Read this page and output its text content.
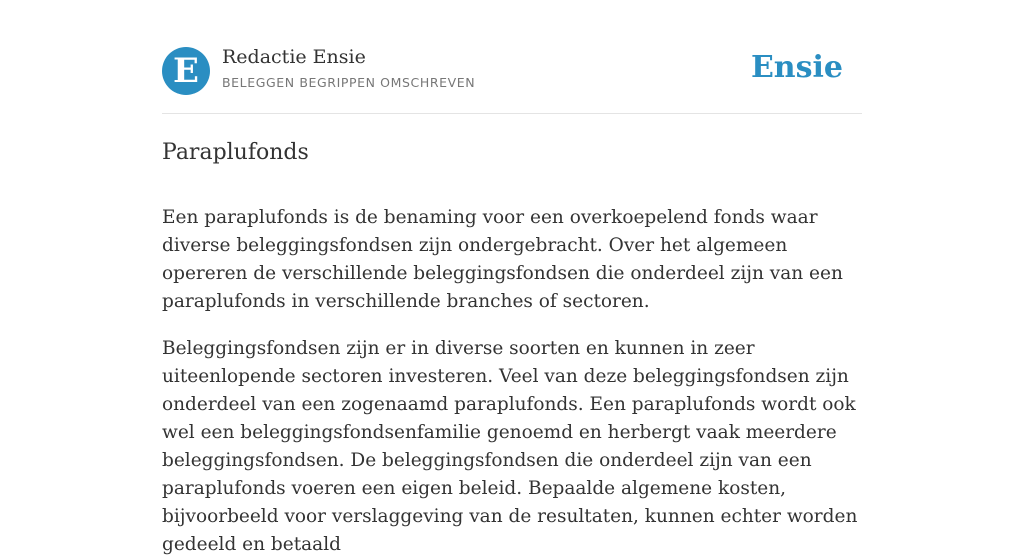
E	Redactie Ensie
BELEGGEN BEGRIPPEN OMSCHREVEN	Ensie
Paraplufonds

Een paraplufonds is de benaming voor een overkoepelend fonds waar diverse beleggingsfondsen zijn ondergebracht. Over het algemeen opereren de verschillende beleggingsfondsen die onderdeel zijn van een paraplufonds in verschillende branches of sectoren.

Beleggingsfondsen zijn er in diverse soorten en kunnen in zeer uiteenlopende sectoren investeren. Veel van deze beleggingsfondsen zijn onderdeel van een zogenaamd paraplufonds. Een paraplufonds wordt ook wel een beleggingsfondsenfamilie genoemd en herbergt vaak meerdere beleggingsfondsen. De beleggingsfondsen die onderdeel zijn van een paraplufonds voeren een eigen beleid. Bepaalde algemene kosten, bijvoorbeeld voor verslaggeving van de resultaten, kunnen echter worden gedeeld en betaald
